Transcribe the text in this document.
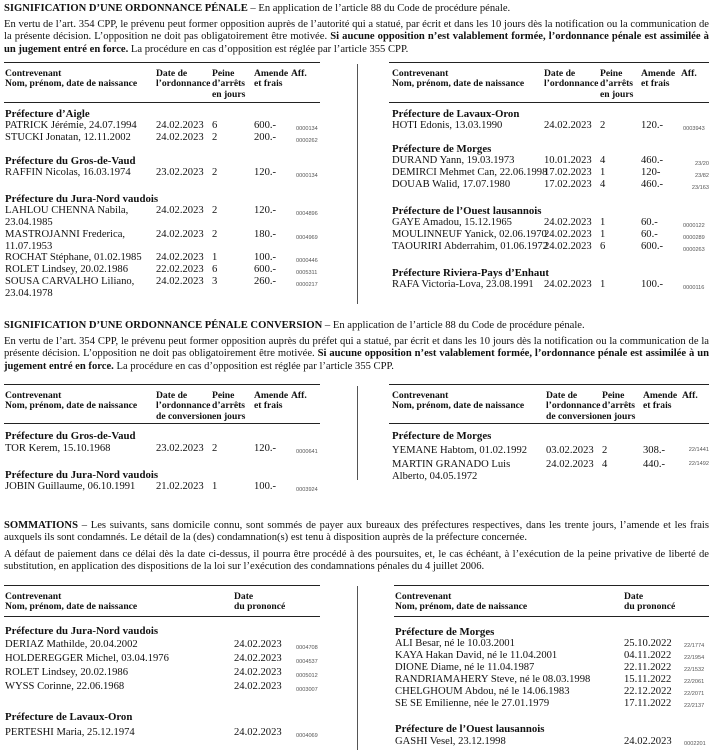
SIGNIFICATION D’UNE ORDONNANCE PÉNALE – En application de l’article 88 du Code de procédure pénale.
En vertu de l’art. 354 CPP, le prévenu peut former opposition auprès de l’autorité qui a statué, par écrit et dans les 10 jours dès la notification ou la communication de la présente décision. L’opposition ne doit pas obligatoirement être motivée. Si aucune opposition n’est valablement formée, l’ordonnance pénale est assimilée à un jugement entré en force. La procédure en cas d’opposition est réglée par l’article 355 CPP.
Contrevenant
Nom, prénom, date de naissance
Date de
l’ordonnance
Peine
d’arrêts
en jours
Amende
et frais
Aff.
Préfecture d’Aigle
PATRICK Jérémie, 24.07.1994 24.02.2023 6	600.-	0000134
STUCKI Jonatan, 12.11.2002 24.02.2023 2	200.-	0000262
Préfecture du Gros-de-Vaud
RAFFIN Nicolas, 16.03.1974 23.02.2023 2	120.-	0000134
Préfecture du Jura-Nord vaudois
LAHLOU CHENNA Nabila, 23.04.1985
24.02.2023 2	120.-	0004896
MASTROJANNI Frederica, 11.07.1953
24.02.2023 2	180.-	0004969
ROCHAT Stéphane, 01.02.1985 24.02.2023 1	100.-	0000446
ROLET Lindsey, 20.02.1986	22.02.2023 6	600.-	0005311
SOUSA CARVALHO Liliano, 23.04.1978
24.02.2023 3	260.-	0000217
Contrevenant
Nom, prénom, date de naissance
Date de
l’ordonnance
Peine
d’arrêts
en jours
Amende
et frais
Aff.
Préfecture de Lavaux-Oron
HOTI Edonis, 13.03.1990	24.02.2023 2	120.-	0003943
Préfecture de Morges
DURAND Yann, 19.03.1973	10.01.2023 4	460.-	23/20
DEMIRCI Mehmet Can, 22.06.1998
17.02.2023 1	120-	23/82
DOUAB Walid, 17.07.1980	17.02.2023 4	460.-	23/163
Préfecture de l’Ouest lausannois
GAYE Amadou, 15.12.1965	24.02.2023 1	60.-	0000122
MOULINNEUF Yanick, 02.06.1970
24.02.2023 1	60.-	0000289
TAOURIRI Abderrahim, 01.06.1972
24.02.2023 6	600.-	0000263
Préfecture Riviera-Pays d’Enhaut
RAFA Victoria-Lova, 23.08.1991 24.02.2023 1	100.-	0000116
SIGNIFICATION D’UNE ORDONNANCE PÉNALE CONVERSION – En application de l’article 88 du Code de procédure pénale.
En vertu de l’art. 354 CPP, le prévenu peut former opposition auprès du préfet qui a statué, par écrit et dans les 10 jours dès la notification ou la communication de la présente décision. L’opposition ne doit pas obligatoirement être motivée. Si aucune opposition n’est valablement formée, l’ordonnance pénale est assimilée à un jugement entré en force. La procédure en cas d’opposition est réglée par l’article 355 CPP.
Contrevenant
Nom, prénom, date de naissance
Date de
l’ordonnance
de conversion
Peine
d’arrêts
en jours
Amende
et frais
Aff.
Préfecture du Gros-de-Vaud
TOR Kerem, 15.10.1968	23.02.2023 2	120.-	0000641
Préfecture du Jura-Nord vaudois
JOBIN Guillaume, 06.10.1991 21.02.2023 1	100.-	0003924
Contrevenant
Nom, prénom, date de naissance
Date de
l’ordonnance
de conversion
Peine
d’arrêts
en jours
Amende
et frais
Aff.
Préfecture de Morges
YEMANE Habtom, 01.02.1992 03.02.2023 2	308.-	22/1441
MARTIN GRANADO Luis Alberto, 04.05.1972
24.02.2023 4	440.-	22/1492
SOMMATIONS – Les suivants, sans domicile connu, sont sommés de payer aux bureaux des préfectures respectives, dans les trente jours, l’amende et les frais auxquels ils sont condamnés. Le détail de la (des) condamnation(s) est tenu à disposition auprès de la préfecture concernée.
A défaut de paiement dans ce délai dès la date ci-dessus, il pourra être procédé à des poursuites, et, le cas échéant, à l’exécution de la peine privative de liberté de substitution, en application des dispositions de la loi sur l’exécution des condamnations pénales du 4 juillet 2006.
Contrevenant
Nom, prénom, date de naissance
Date
du prononcé
Préfecture du Jura-Nord vaudois
DERIAZ Mathilde, 20.04.2002	24.02.2023	0004708
HOLDEREGGER Michel, 03.04.1976	24.02.2023	0004537
ROLET Lindsey, 20.02.1986	24.02.2023	0005012
WYSS Corinne, 22.06.1968	24.02.2023	0003007
Préfecture de Lavaux-Oron
PERTESHI Maria, 25.12.1974	24.02.2023	0004069
Contrevenant
Nom, prénom, date de naissance
Date
du prononcé
Préfecture de Morges
ALI Besar, né le 10.03.2001	25.10.2022 22/1774
KAYA Hakan David, né le 11.04.2001	04.11.2022 22/1954
DIONE Diame, né le 11.04.1987	22.11.2022 22/1532
RANDRIAMAHERY Steve, né le 08.03.1998	15.11.2022 22/2061
CHELGHOUM Abdou, né le 14.06.1983	22.12.2022 22/2071
SE SE Emilienne, née le 27.01.1979	17.11.2022 22/2137
Préfecture de l’Ouest lausannois
GASHI Vesel, 23.12.1998	24.02.2023 0002201
